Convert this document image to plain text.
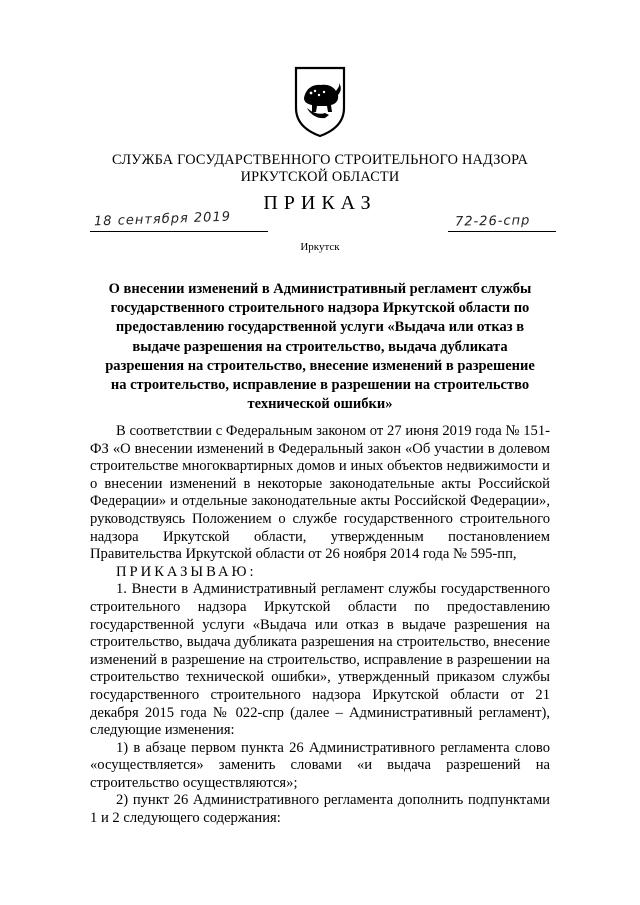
СЛУЖБА ГОСУДАРСТВЕННОГО СТРОИТЕЛЬНОГО НАДЗОРА
ИРКУТСКОЙ ОБЛАСТИ
ПРИКАЗ
18 сентября 2019	72-26-спр
Иркутск
О внесении изменений в Административный регламент службы государственного строительного надзора Иркутской области по предоставлению государственной услуги «Выдача или отказ в выдаче разрешения на строительство, выдача дубликата разрешения на строительство, внесение изменений в разрешение на строительство, исправление в разрешении на строительство технической ошибки»

В соответствии с Федеральным законом от 27 июня 2019 года № 151-ФЗ «О внесении изменений в Федеральный закон «Об участии в долевом строительстве многоквартирных домов и иных объектов недвижимости и о внесении изменений в некоторые законодательные акты Российской Федерации» и отдельные законодательные акты Российской Федерации», руководствуясь Положением о службе государственного строительного надзора Иркутской области, утвержденным постановлением Правительства Иркутской области от 26 ноября 2014 года № 595-пп,

ПРИКАЗЫВАЮ:

1. Внести в Административный регламент службы государственного строительного надзора Иркутской области по предоставлению государственной услуги «Выдача или отказ в выдаче разрешения на строительство, выдача дубликата разрешения на строительство, внесение изменений в разрешение на строительство, исправление в разрешении на строительство технической ошибки», утвержденный приказом службы государственного строительного надзора Иркутской области от 21 декабря 2015 года № 022-спр (далее – Административный регламент), следующие изменения:

1) в абзаце первом пункта 26 Административного регламента слово «осуществляется» заменить словами «и выдача разрешений на строительство осуществляются»;

2) пункт 26 Административного регламента дополнить подпунктами 1 и 2 следующего содержания:
